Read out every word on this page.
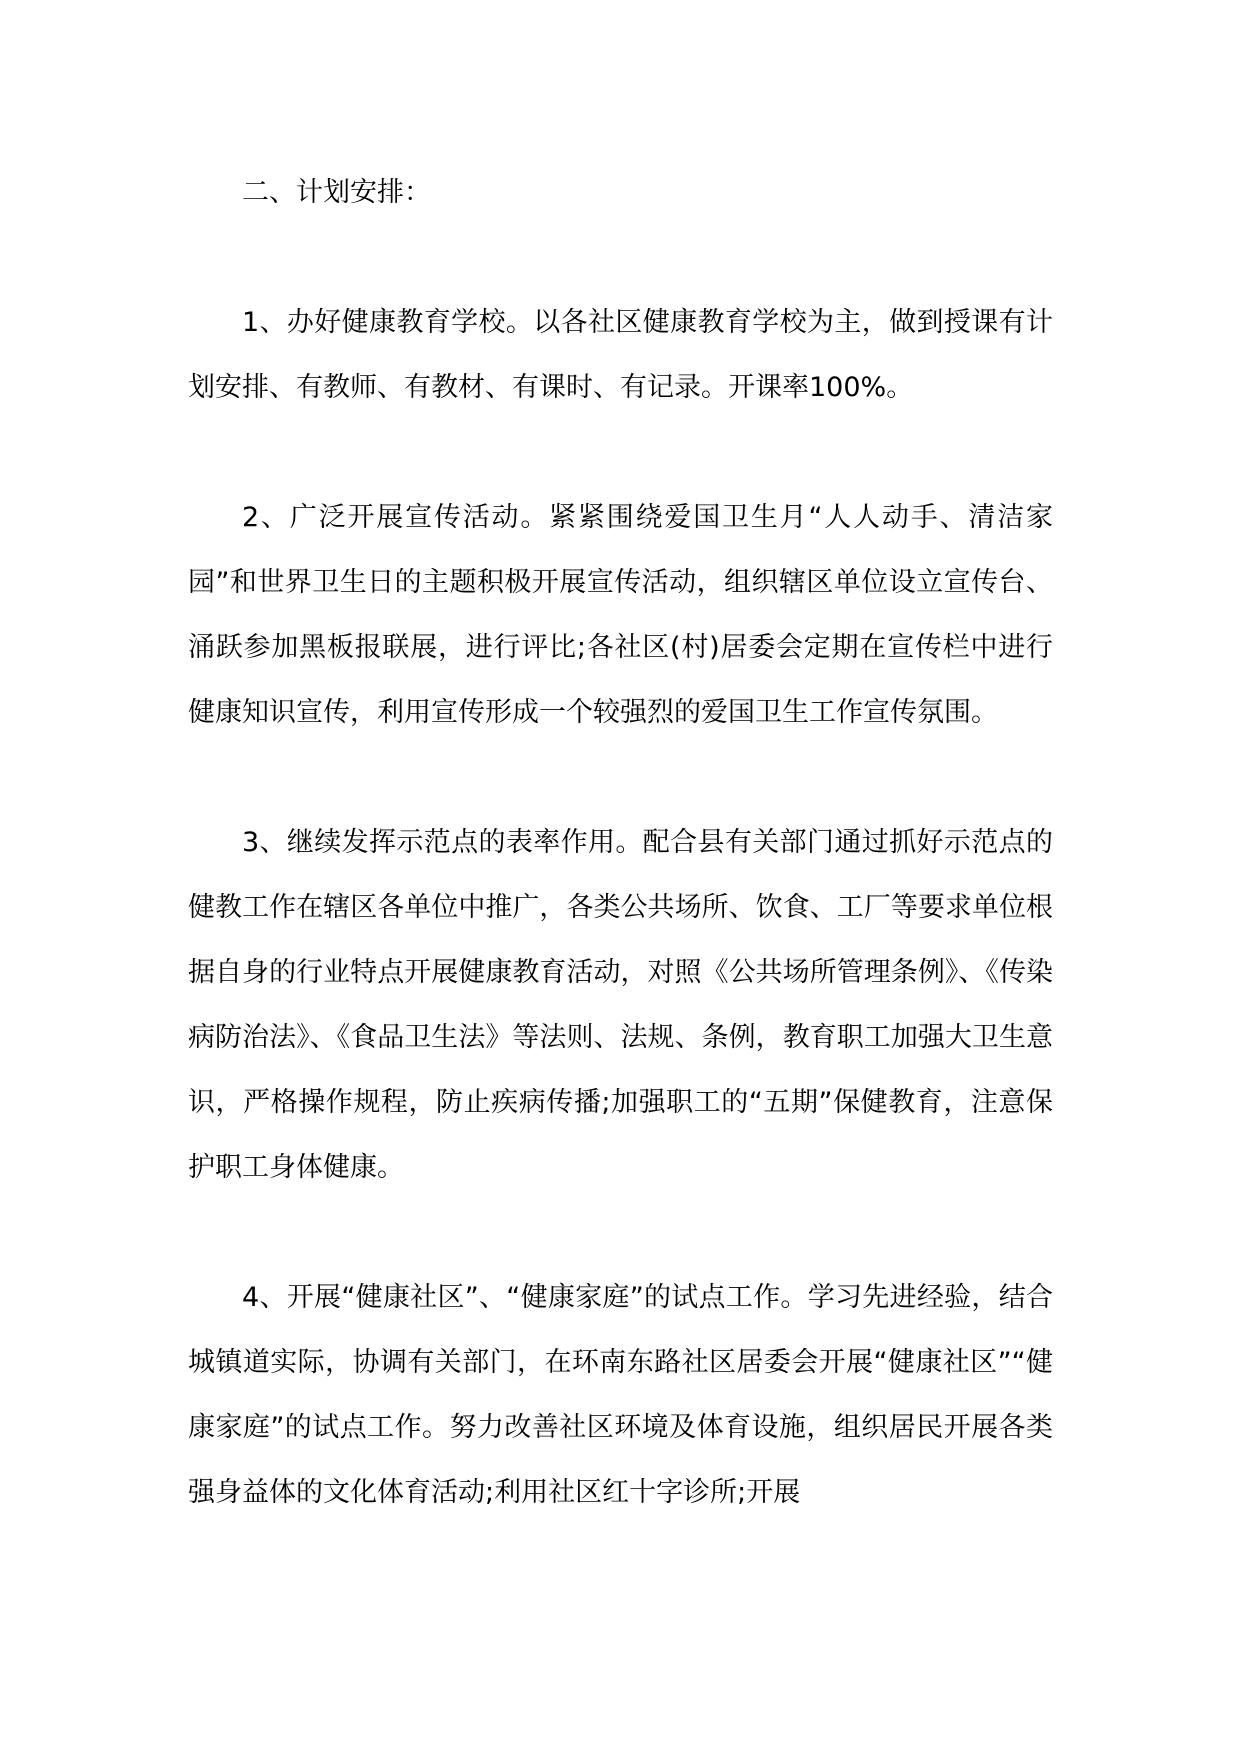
二、计划安排：

1、办好健康教育学校。以各社区健康教育学校为主，做到授课有计划安排、有教师、有教材、有课时、有记录。开课率100%。

2、广泛开展宣传活动。紧紧围绕爱国卫生月“人人动手、清洁家园”和世界卫生日的主题积极开展宣传活动，组织辖区单位设立宣传台、涌跃参加黑板报联展，进行评比;各社区(村)居委会定期在宣传栏中进行健康知识宣传，利用宣传形成一个较强烈的爱国卫生工作宣传氛围。

3、继续发挥示范点的表率作用。配合县有关部门通过抓好示范点的健教工作在辖区各单位中推广，各类公共场所、饮食、工厂等要求单位根据自身的行业特点开展健康教育活动，对照《公共场所管理条例》、《传染病防治法》、《食品卫生法》等法则、法规、条例，教育职工加强大卫生意识，严格操作规程，防止疾病传播;加强职工的“五期”保健教育，注意保护职工身体健康。

4、开展“健康社区”、“健康家庭”的试点工作。学习先进经验，结合城镇道实际，协调有关部门，在环南东路社区居委会开展“健康社区”“健康家庭”的试点工作。努力改善社区环境及体育设施，组织居民开展各类强身益体的文化体育活动;利用社区红十字诊所;开展
